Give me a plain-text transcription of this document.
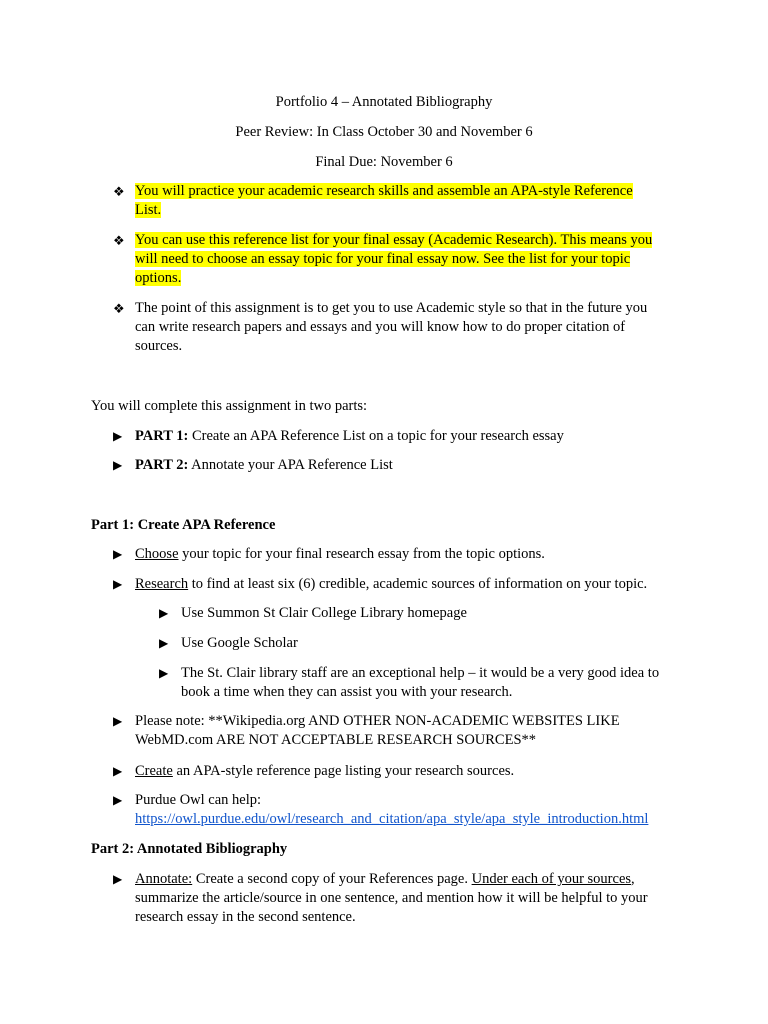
Portfolio 4 – Annotated Bibliography
Peer Review: In Class October 30 and November 6
Final Due: November 6
❖ You will practice your academic research skills and assemble an APA-style Reference
List.
❖ You can use this reference list for your final essay (Academic Research). This means you
will need to choose an essay topic for your final essay now. See the list for your topic
options.
❖ The point of this assignment is to get you to use Academic style so that in the future you
can write research papers and essays and you will know how to do proper citation of
sources.
You will complete this assignment in two parts:
▶ PART 1: Create an APA Reference List on a topic for your research essay
▶ PART 2: Annotate your APA Reference List
Part 1: Create APA Reference
▶ Choose your topic for your final research essay from the topic options.
▶ Research to find at least six (6) credible, academic sources of information on your topic.
▶ Use Summon St Clair College Library homepage
▶ Use Google Scholar
▶ The St. Clair library staff are an exceptional help – it would be a very good idea to
book a time when they can assist you with your research.
▶ Please note: **Wikipedia.org AND OTHER NON-ACADEMIC WEBSITES LIKE
WebMD.com ARE NOT ACCEPTABLE RESEARCH SOURCES**
▶ Create an APA-style reference page listing your research sources.
▶ Purdue Owl can help:
https://owl.purdue.edu/owl/research_and_citation/apa_style/apa_style_introduction.html
Part 2: Annotated Bibliography
▶ Annotate: Create a second copy of your References page. Under each of your sources,
summarize the article/source in one sentence, and mention how it will be helpful to your
research essay in the second sentence.
